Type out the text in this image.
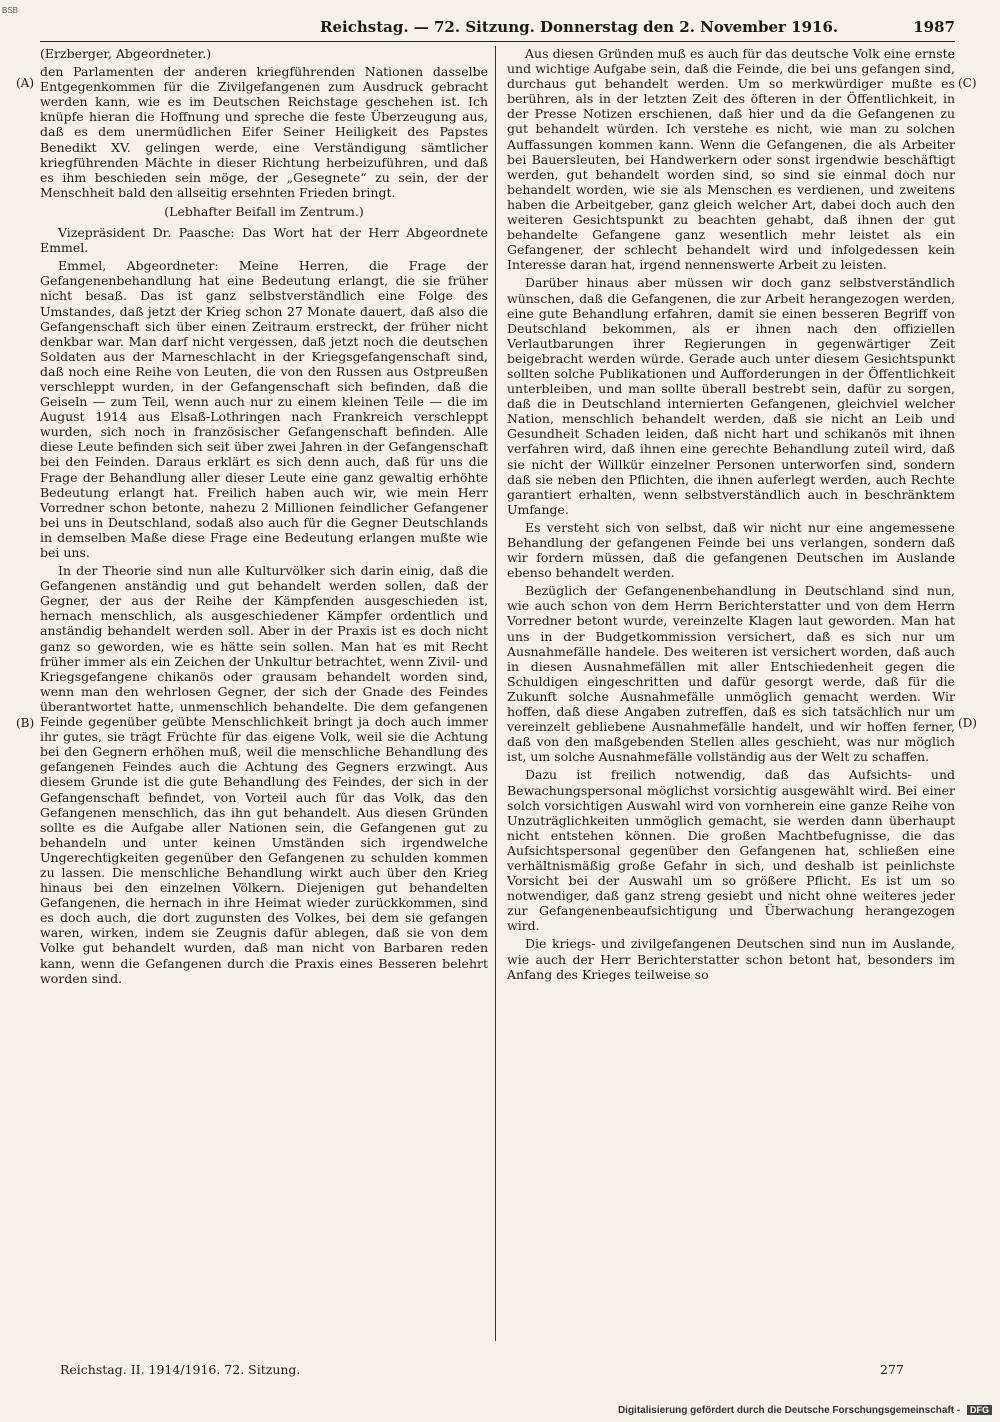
BSB
Reichstag. — 72. Sitzung. Donnerstag den 2. November 1916.	1987
(A)
(B)
(C)
(D)

(Erzberger, Abgeordneter.)

den Parlamenten der anderen kriegführenden Nationen dasselbe Entgegenkommen für die Zivilgefangenen zum Ausdruck gebracht werden kann, wie es im Deutschen Reichstage geschehen ist. Ich knüpfe hieran die Hoffnung und spreche die feste Überzeugung aus, daß es dem unermüdlichen Eifer Seiner Heiligkeit des Papstes Benedikt XV. gelingen werde, eine Verständigung sämtlicher kriegführenden Mächte in dieser Richtung herbeizuführen, und daß es ihm beschieden sein möge, der „Gesegnete“ zu sein, der der Menschheit bald den allseitig ersehnten Frieden bringt.

(Lebhafter Beifall im Zentrum.)

Vizepräsident Dr. Paasche: Das Wort hat der Herr Abgeordnete Emmel.

Emmel, Abgeordneter: Meine Herren, die Frage der Gefangenenbehandlung hat eine Bedeutung erlangt, die sie früher nicht besaß. Das ist ganz selbstverständlich eine Folge des Umstandes, daß jetzt der Krieg schon 27 Monate dauert, daß also die Gefangenschaft sich über einen Zeitraum erstreckt, der früher nicht denkbar war. Man darf nicht vergessen, daß jetzt noch die deutschen Soldaten aus der Marneschlacht in der Kriegsgefangenschaft sind, daß noch eine Reihe von Leuten, die von den Russen aus Ostpreußen verschleppt wurden, in der Gefangenschaft sich befinden, daß die Geiseln — zum Teil, wenn auch nur zu einem kleinen Teile — die im August 1914 aus Elsaß-Lothringen nach Frankreich verschleppt wurden, sich noch in französischer Gefangenschaft befinden. Alle diese Leute befinden sich seit über zwei Jahren in der Gefangenschaft bei den Feinden. Daraus erklärt es sich denn auch, daß für uns die Frage der Behandlung aller dieser Leute eine ganz gewaltig erhöhte Bedeutung erlangt hat. Freilich haben auch wir, wie mein Herr Vorredner schon betonte, nahezu 2 Millionen feindlicher Gefangener bei uns in Deutschland, sodaß also auch für die Gegner Deutschlands in demselben Maße diese Frage eine Bedeutung erlangen mußte wie bei uns.

In der Theorie sind nun alle Kulturvölker sich darin einig, daß die Gefangenen anständig und gut behandelt werden sollen, daß der Gegner, der aus der Reihe der Kämpfenden ausgeschieden ist, hernach menschlich, als ausgeschiedener Kämpfer ordentlich und anständig behandelt werden soll. Aber in der Praxis ist es doch nicht ganz so geworden, wie es hätte sein sollen. Man hat es mit Recht früher immer als ein Zeichen der Unkultur betrachtet, wenn Zivil- und Kriegsgefangene chikanös oder grausam behandelt worden sind, wenn man den wehrlosen Gegner, der sich der Gnade des Feindes überantwortet hatte, unmenschlich behandelte. Die dem gefangenen Feinde gegenüber geübte Menschlichkeit bringt ja doch auch immer ihr gutes, sie trägt Früchte für das eigene Volk, weil sie die Achtung bei den Gegnern erhöhen muß, weil die menschliche Behandlung des gefangenen Feindes auch die Achtung des Gegners erzwingt. Aus diesem Grunde ist die gute Behandlung des Feindes, der sich in der Gefangenschaft befindet, von Vorteil auch für das Volk, das den Gefangenen menschlich, das ihn gut behandelt. Aus diesen Gründen sollte es die Aufgabe aller Nationen sein, die Gefangenen gut zu behandeln und unter keinen Umständen sich irgendwelche Ungerechtigkeiten gegenüber den Gefangenen zu schulden kommen zu lassen. Die menschliche Behandlung wirkt auch über den Krieg hinaus bei den einzelnen Völkern. Diejenigen gut behandelten Gefangenen, die hernach in ihre Heimat wieder zurückkommen, sind es doch auch, die dort zugunsten des Volkes, bei dem sie gefangen waren, wirken, indem sie Zeugnis dafür ablegen, daß sie von dem Volke gut behandelt wurden, daß man nicht von Barbaren reden kann, wenn die Gefangenen durch die Praxis eines Besseren belehrt worden sind.

Aus diesen Gründen muß es auch für das deutsche Volk eine ernste und wichtige Aufgabe sein, daß die Feinde, die bei uns gefangen sind, durchaus gut behandelt werden. Um so merkwürdiger mußte es berühren, als in der letzten Zeit des öfteren in der Öffentlichkeit, in der Presse Notizen erschienen, daß hier und da die Gefangenen zu gut behandelt würden. Ich verstehe es nicht, wie man zu solchen Auffassungen kommen kann. Wenn die Gefangenen, die als Arbeiter bei Bauersleuten, bei Handwerkern oder sonst irgendwie beschäftigt werden, gut behandelt worden sind, so sind sie einmal doch nur behandelt worden, wie sie als Menschen es verdienen, und zweitens haben die Arbeitgeber, ganz gleich welcher Art, dabei doch auch den weiteren Gesichtspunkt zu beachten gehabt, daß ihnen der gut behandelte Gefangene ganz wesentlich mehr leistet als ein Gefangener, der schlecht behandelt wird und infolgedessen kein Interesse daran hat, irgend nennenswerte Arbeit zu leisten.

Darüber hinaus aber müssen wir doch ganz selbstverständlich wünschen, daß die Gefangenen, die zur Arbeit herangezogen werden, eine gute Behandlung erfahren, damit sie einen besseren Begriff von Deutschland bekommen, als er ihnen nach den offiziellen Verlautbarungen ihrer Regierungen in gegenwärtiger Zeit beigebracht werden würde. Gerade auch unter diesem Gesichtspunkt sollten solche Publikationen und Aufforderungen in der Öffentlichkeit unterbleiben, und man sollte überall bestrebt sein, dafür zu sorgen, daß die in Deutschland internierten Gefangenen, gleichviel welcher Nation, menschlich behandelt werden, daß sie nicht an Leib und Gesundheit Schaden leiden, daß nicht hart und schikanös mit ihnen verfahren wird, daß ihnen eine gerechte Behandlung zuteil wird, daß sie nicht der Willkür einzelner Personen unterworfen sind, sondern daß sie neben den Pflichten, die ihnen auferlegt werden, auch Rechte garantiert erhalten, wenn selbstverständlich auch in beschränktem Umfange.

Es versteht sich von selbst, daß wir nicht nur eine angemessene Behandlung der gefangenen Feinde bei uns verlangen, sondern daß wir fordern müssen, daß die gefangenen Deutschen im Auslande ebenso behandelt werden.

Bezüglich der Gefangenenbehandlung in Deutschland sind nun, wie auch schon von dem Herrn Berichterstatter und von dem Herrn Vorredner betont wurde, vereinzelte Klagen laut geworden. Man hat uns in der Budgetkommission versichert, daß es sich nur um Ausnahmefälle handele. Des weiteren ist versichert worden, daß auch in diesen Ausnahmefällen mit aller Entschiedenheit gegen die Schuldigen eingeschritten und dafür gesorgt werde, daß für die Zukunft solche Ausnahmefälle unmöglich gemacht werden. Wir hoffen, daß diese Angaben zutreffen, daß es sich tatsächlich nur um vereinzelt gebliebene Ausnahmefälle handelt, und wir hoffen ferner, daß von den maßgebenden Stellen alles geschieht, was nur möglich ist, um solche Ausnahmefälle vollständig aus der Welt zu schaffen.

Dazu ist freilich notwendig, daß das Aufsichts- und Bewachungspersonal möglichst vorsichtig ausgewählt wird. Bei einer solch vorsichtigen Auswahl wird von vornherein eine ganze Reihe von Unzuträglichkeiten unmöglich gemacht, sie werden dann überhaupt nicht entstehen können. Die großen Machtbefugnisse, die das Aufsichtspersonal gegenüber den Gefangenen hat, schließen eine verhältnismäßig große Gefahr in sich, und deshalb ist peinlichste Vorsicht bei der Auswahl um so größere Pflicht. Es ist um so notwendiger, daß ganz streng gesiebt und nicht ohne weiteres jeder zur Gefangenenbeaufsichtigung und Überwachung herangezogen wird.

Die kriegs- und zivilgefangenen Deutschen sind nun im Auslande, wie auch der Herr Berichterstatter schon betont hat, besonders im Anfang des Krieges teilweise so

Reichstag. II. 1914/1916. 72. Sitzung.	277
Digitalisierung gefördert durch die Deutsche Forschungsgemeinschaft - DFG
